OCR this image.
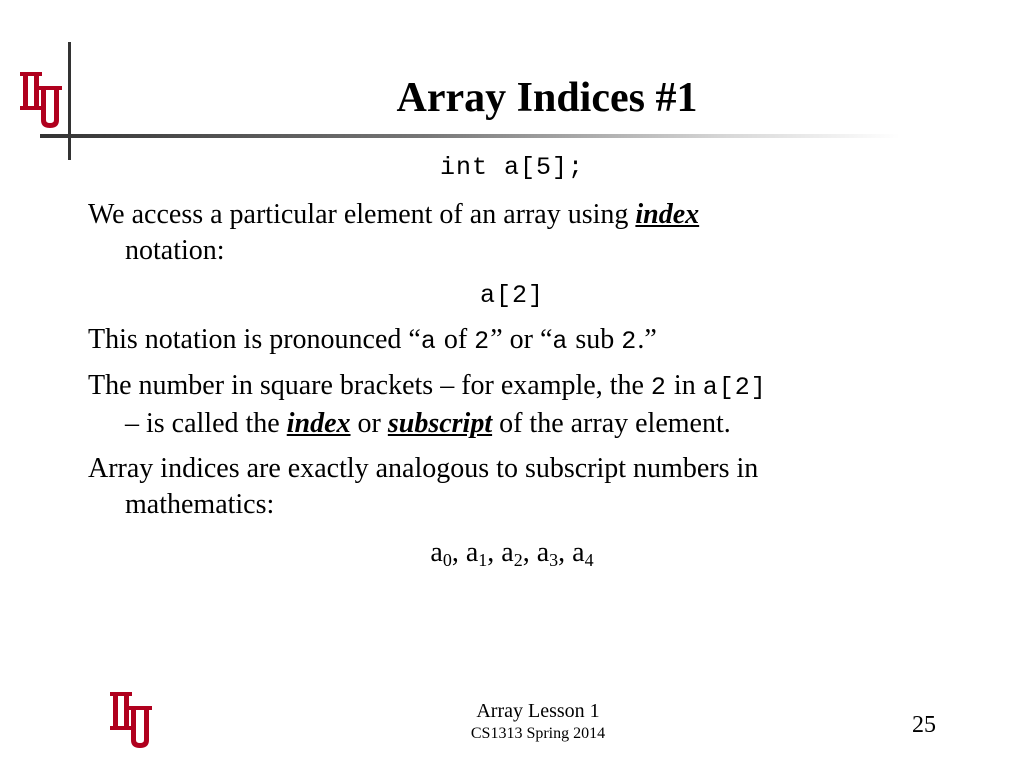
Array Indices #1
int a[5];
We access a particular element of an array using index
notation:
a[2]
This notation is pronounced “a of 2” or “a sub 2.”
The number in square brackets – for example, the 2 in a[2]
– is called the index or subscript of the array element.
Array indices are exactly analogous to subscript numbers in
mathematics:
$a_0$, $a_1$, $a_2$, $a_3$, $a_4$
Array Lesson 1
CS1313 Spring 2014	25
